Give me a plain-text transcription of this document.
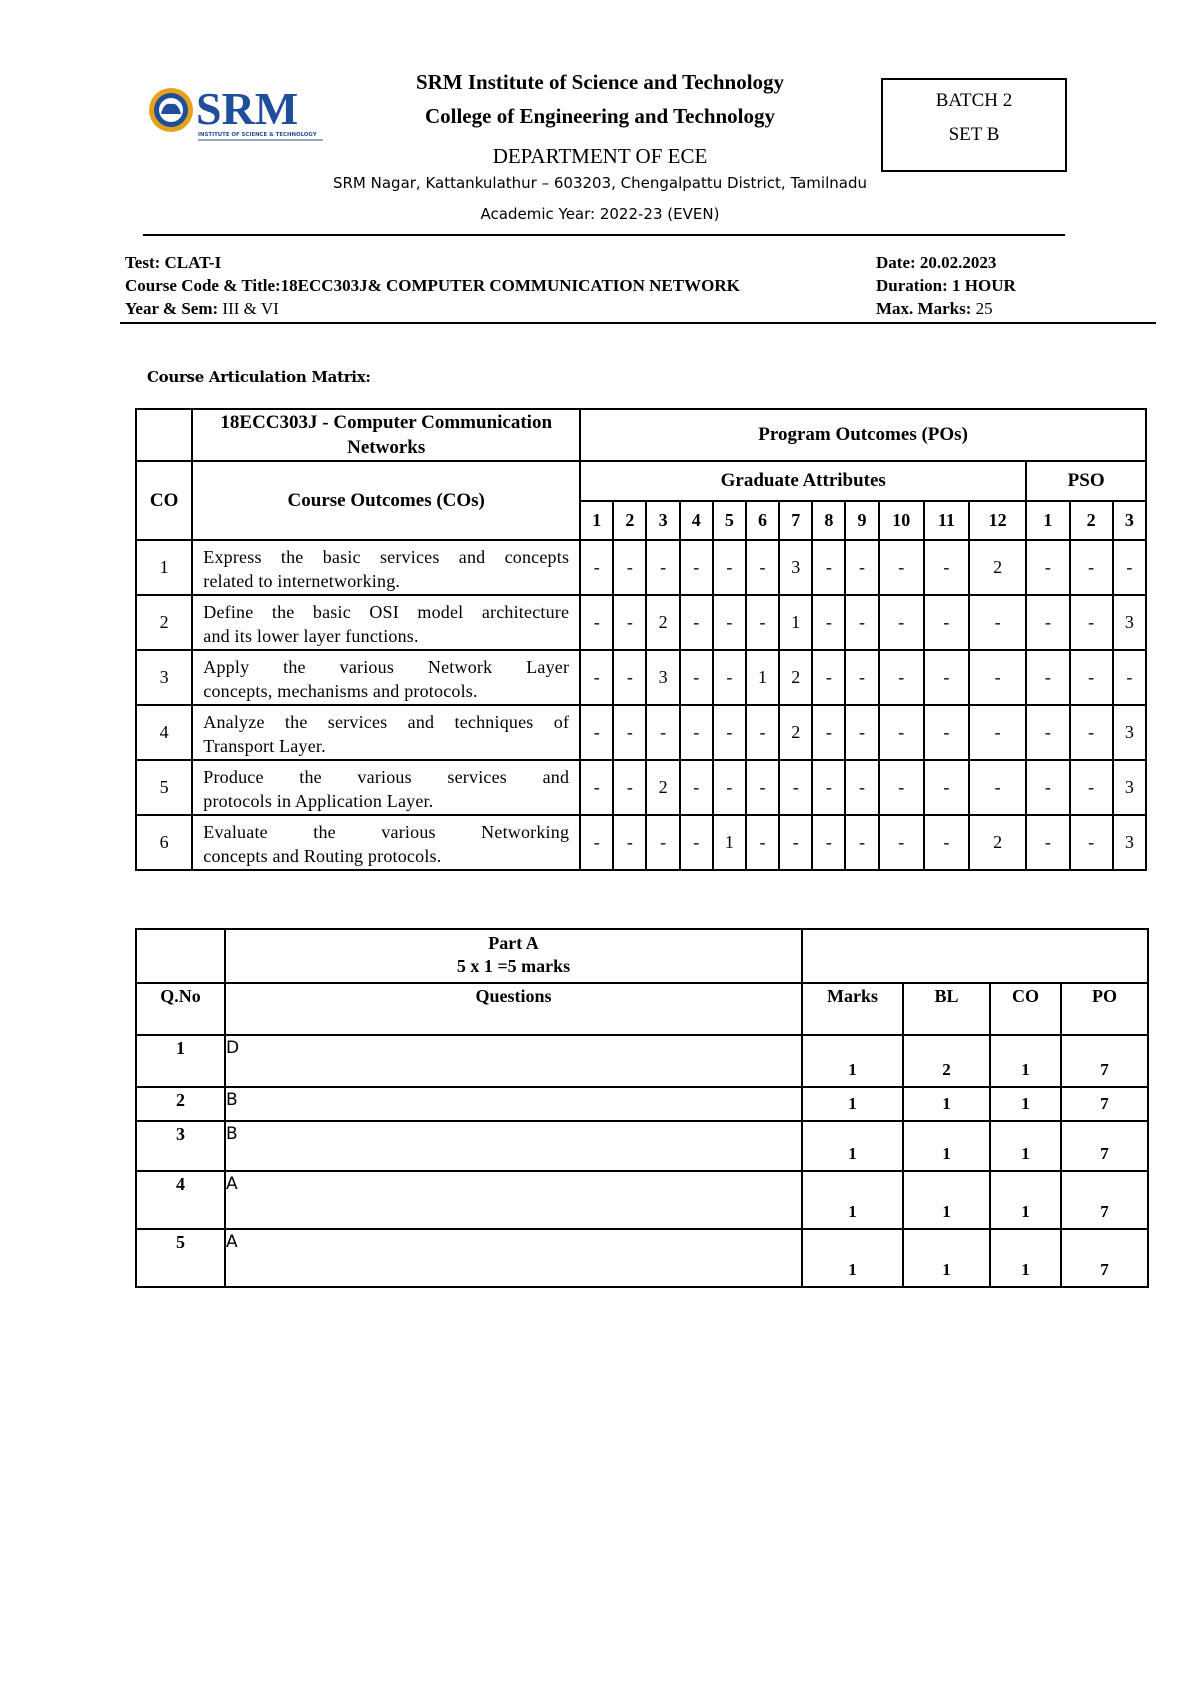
SRM
INSTITUTE OF SCIENCE & TECHNOLOGY
SRM Institute of Science and Technology
College of Engineering and Technology
DEPARTMENT OF ECE
SRM Nagar, Kattankulathur – 603203, Chengalpattu District, Tamilnadu
Academic Year: 2022-23 (EVEN)
BATCH 2
SET B
Test: CLAT-I
Course Code & Title:18ECC303J& COMPUTER COMMUNICATION NETWORK
Year & Sem: III & VI
Date: 20.02.2023
Duration: 1 HOUR
Max. Marks: 25
Course Articulation Matrix:
	18ECC303J - Computer Communication Networks	Program Outcomes (POs)														
CO	Course Outcomes (COs)	Graduate Attributes												PSO		
		1	2	3	4	5	6	7	8	9	10	11	12	1	2	3
1	Express the basic services and concepts
related to internetworking.	-	-	-	-	-	-	3	-	-	-	-	2	-	-	-
2	Define the basic OSI model architecture
and its lower layer functions.	-	-	2	-	-	-	1	-	-	-	-	-	-	-	3
3	Apply the various Network Layer
concepts, mechanisms and protocols.	-	-	3	-	-	1	2	-	-	-	-	-	-	-	-
4	Analyze the services and techniques of
Transport Layer.	-	-	-	-	-	-	2	-	-	-	-	-	-	-	3
5	Produce the various services and
protocols in Application Layer.	-	-	2	-	-	-	-	-	-	-	-	-	-	-	3
6	Evaluate the various Networking
concepts and Routing protocols.	-	-	-	-	1	-	-	-	-	-	-	2	-	-	3

	Part A
5 x 1 =5 marks				

Q.No	Questions	Marks	BL	CO	PO
1	D	1	2	1	7
2	B	1	1	1	7
3	B	1	1	1	7
4	A	1	1	1	7
5	A	1	1	1	7
